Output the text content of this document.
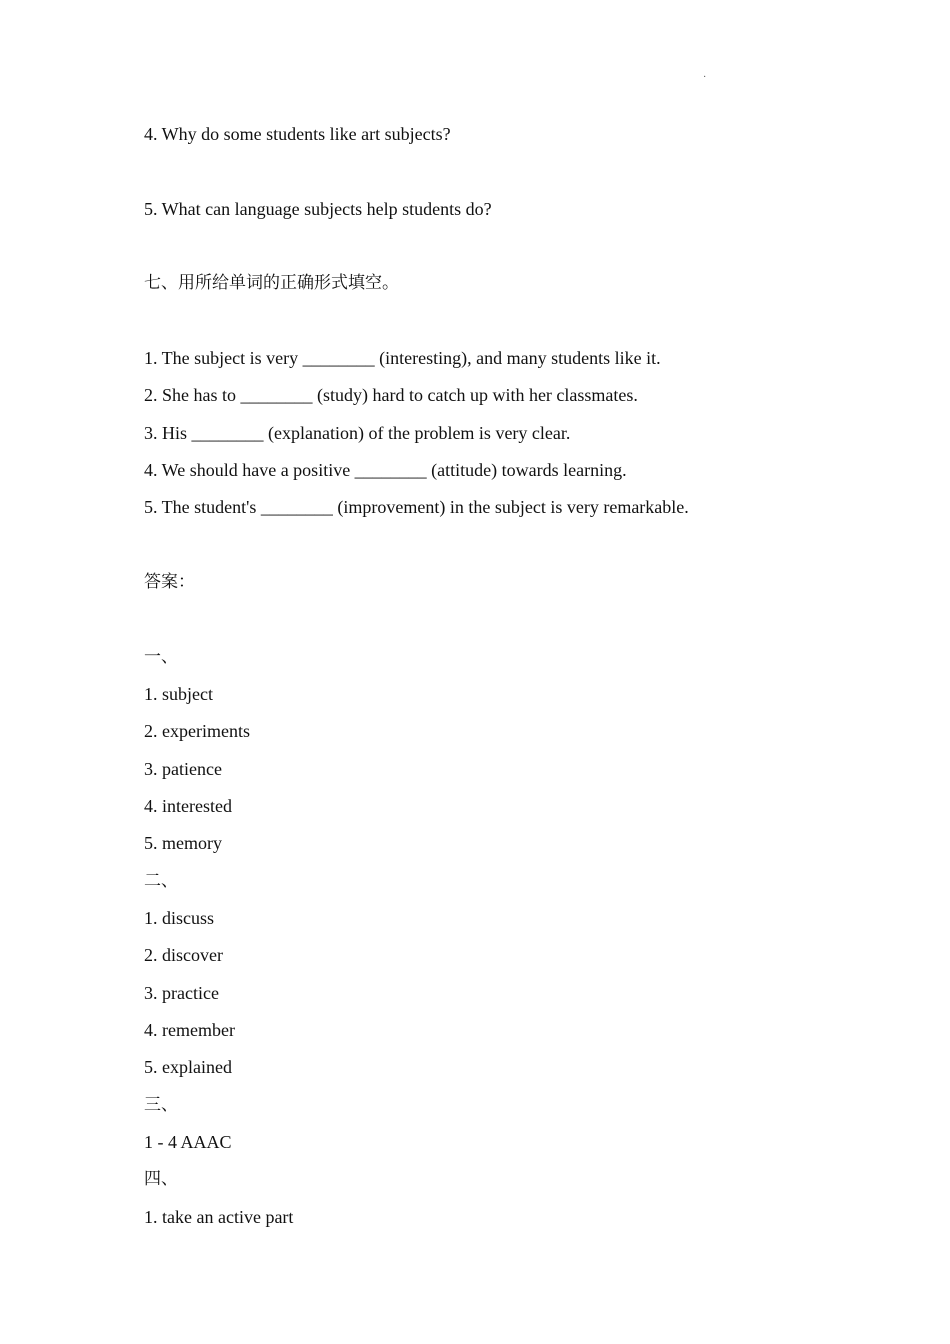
·
4. Why do some students like art subjects?
5. What can language subjects help students do?
七、用所给单词的正确形式填空。
1. The subject is very ________ (interesting), and many students like it.
2. She has to ________ (study) hard to catch up with her classmates.
3. His ________ (explanation) of the problem is very clear.
4. We should have a positive ________ (attitude) towards learning.
5. The student's ________ (improvement) in the subject is very remarkable.
答案：
一、
1. subject
2. experiments
3. patience
4. interested
5. memory
二、
1. discuss
2. discover
3. practice
4. remember
5. explained
三、
1 - 4 AAAC
四、
1. take an active part
